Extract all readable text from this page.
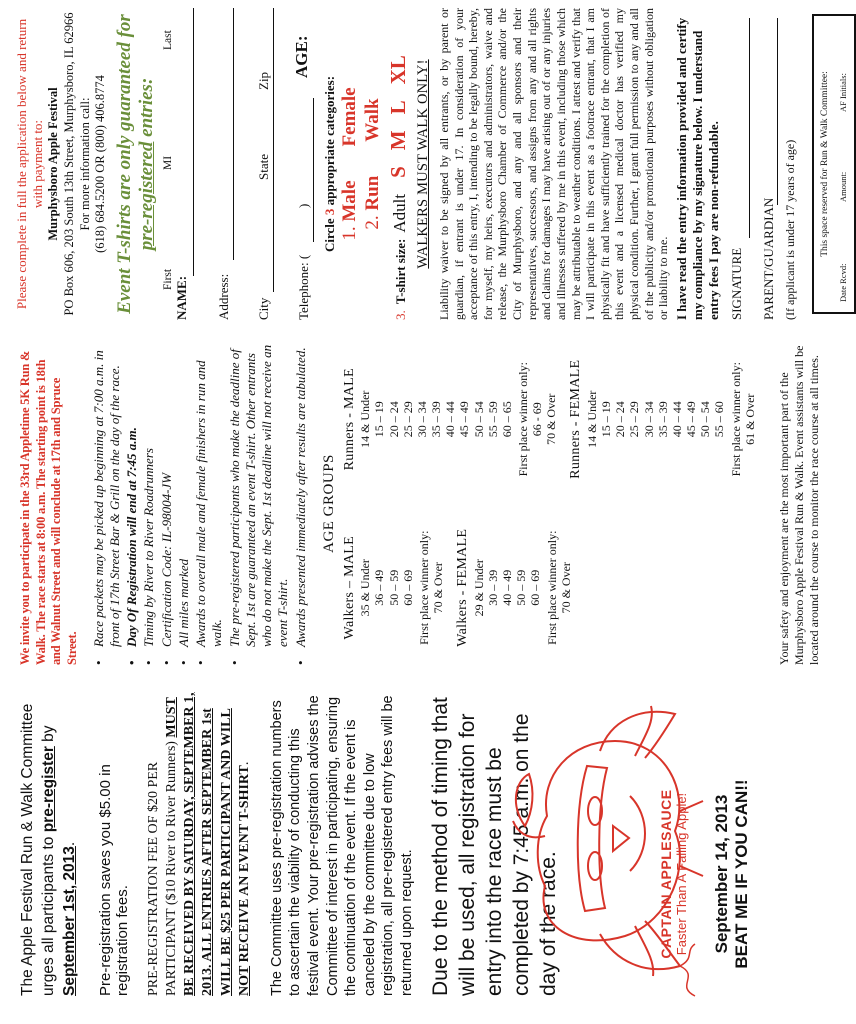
The Apple Festival Run & Walk Committee urges all participants to pre-register by September 1st, 2013. Pre-registration saves you $5.00 in registration fees. PRE-REGISTRATION FEE OF $20 PER PARTICIPANT ($10 River to River Runners) MUST BE RECEIVED BY SATURDAY, SEPTEMBER 1, 2013. ALL ENTRIES AFTER SEPTEMBER 1st WILL BE $25 PER PARTICIPANT AND WILL NOT RECEIVE AN EVENT T-SHIRT. The Committee uses pre-registration numbers to ascertain the viability of conducting this festival event. Your pre-registration advises the Committee of interest in participating, ensuring the continuation of the event. If the event is canceled by the committee due to low registration, all pre-registered entry fees will be returned upon request. Due to the method of timing that will be used, all registration for entry into the race must be completed by 7:45 a.m. on the day of the race.	CAPTAIN APPLESAUCE Faster Than A Falling Apple! September 14, 2013 BEAT ME IF YOU CAN!!
We invite you to participate in the 33rd Appletime 5K Run & Walk. The race starts at 8:00 a.m. The starting point is 18th and Walnut Street and will conclude at 17th and Spruce Street.
• Race packets may be picked up beginning at 7:00 a.m. in front of 17th Street Bar & Grill on the day of the race. • Day Of Registration will end at 7:45 a.m. • Timing by River to River Roadrunners • Certification Code: IL-98004-JW • All miles marked • Awards to overall male and female finishers in run and walk. • The pre-registered participants who make the deadline of Sept. 1st are guaranteed an event T-shirt. Other entrants who do not make the Sept. 1st deadline will not receive an event T-shirt. • Awards presented immediately after results are tabulated. AGE GROUPS
Walkers – MALE 35 & Under 36 – 49 50 – 59 60 – 69 First place winner only: 70 & Over Walkers - FEMALE 29 & Under 30 – 39 40 – 49 50 – 59 60 – 69 First place winner only: 70 & Over
Runners - MALE 14 & Under 15 – 19 20 – 24 25 – 29 30 – 34 35 – 39 40 – 44 45 – 49 50 – 54 55 – 59 60 – 65 First place winner only: 66 - 69 70 & Over Runners - FEMALE 14 & Under 15 – 19 20 – 24 25 – 29 30 – 34 35 – 39 40 – 44 45 – 49 50 – 54 55 – 60 First place winner only: 61 & Over Your safety and enjoyment are the most important part of the Murphysboro Apple Festival Run & Walk. Event assistants will be located around the course to monitor the race course at all times.
Please complete in full the application below and return with payment to: Murphysboro Apple Festival PO Box 606, 203 South 13th Street, Murphysboro, IL 62966 For more information call: (618) 684.5200 OR (800) 406.8774 Event T-shirts are only guaranteed for pre-registered entries:
NAME:
First
MI
Last
Address: City
State
Zip
Telephone: (
)
AGE:
Circle 3 appropriate categories:
1. Male
Female
2. Run
Walk
3.
T-shirt size:
Adult
S
M
L
XL WALKERS MUST WALK ONLY! Liability waiver to be signed by all entrants, or by parent or guardian, if entrant is under 17. In consideration of your acceptance of this entry, I, intending to be legally bound, hereby, for myself, my heirs, executors and administrators, waive and release, the Murphysboro Chamber of Commerce and/or the City of Murphysboro, and any and all sponsors and their representatives, successors, and assigns from any and all rights and claims for damages I may have arising out of or any injuries and illnesses suffered by me in this event, including those which may be attributable to weather conditions. I attest and verify that I will participate in this event as a footrace entrant, that I am physically fit and have sufficiently trained for the completion of this event and a licensed medical doctor has verified my physical condition. Further, I grant full permission to any and all of the publicity and/or promotional purposes without obligation or liability to me. I have read the entry information provided and certify my compliance by my signature below. I understand entry fees I pay are non-refundable. SIGNATURE	PARENT/GUARDIAN (If applicant is under 17 years of age) This space reserved for Run & Walk Committee:
Date Rcvd:
Amount:
AF Initials:
